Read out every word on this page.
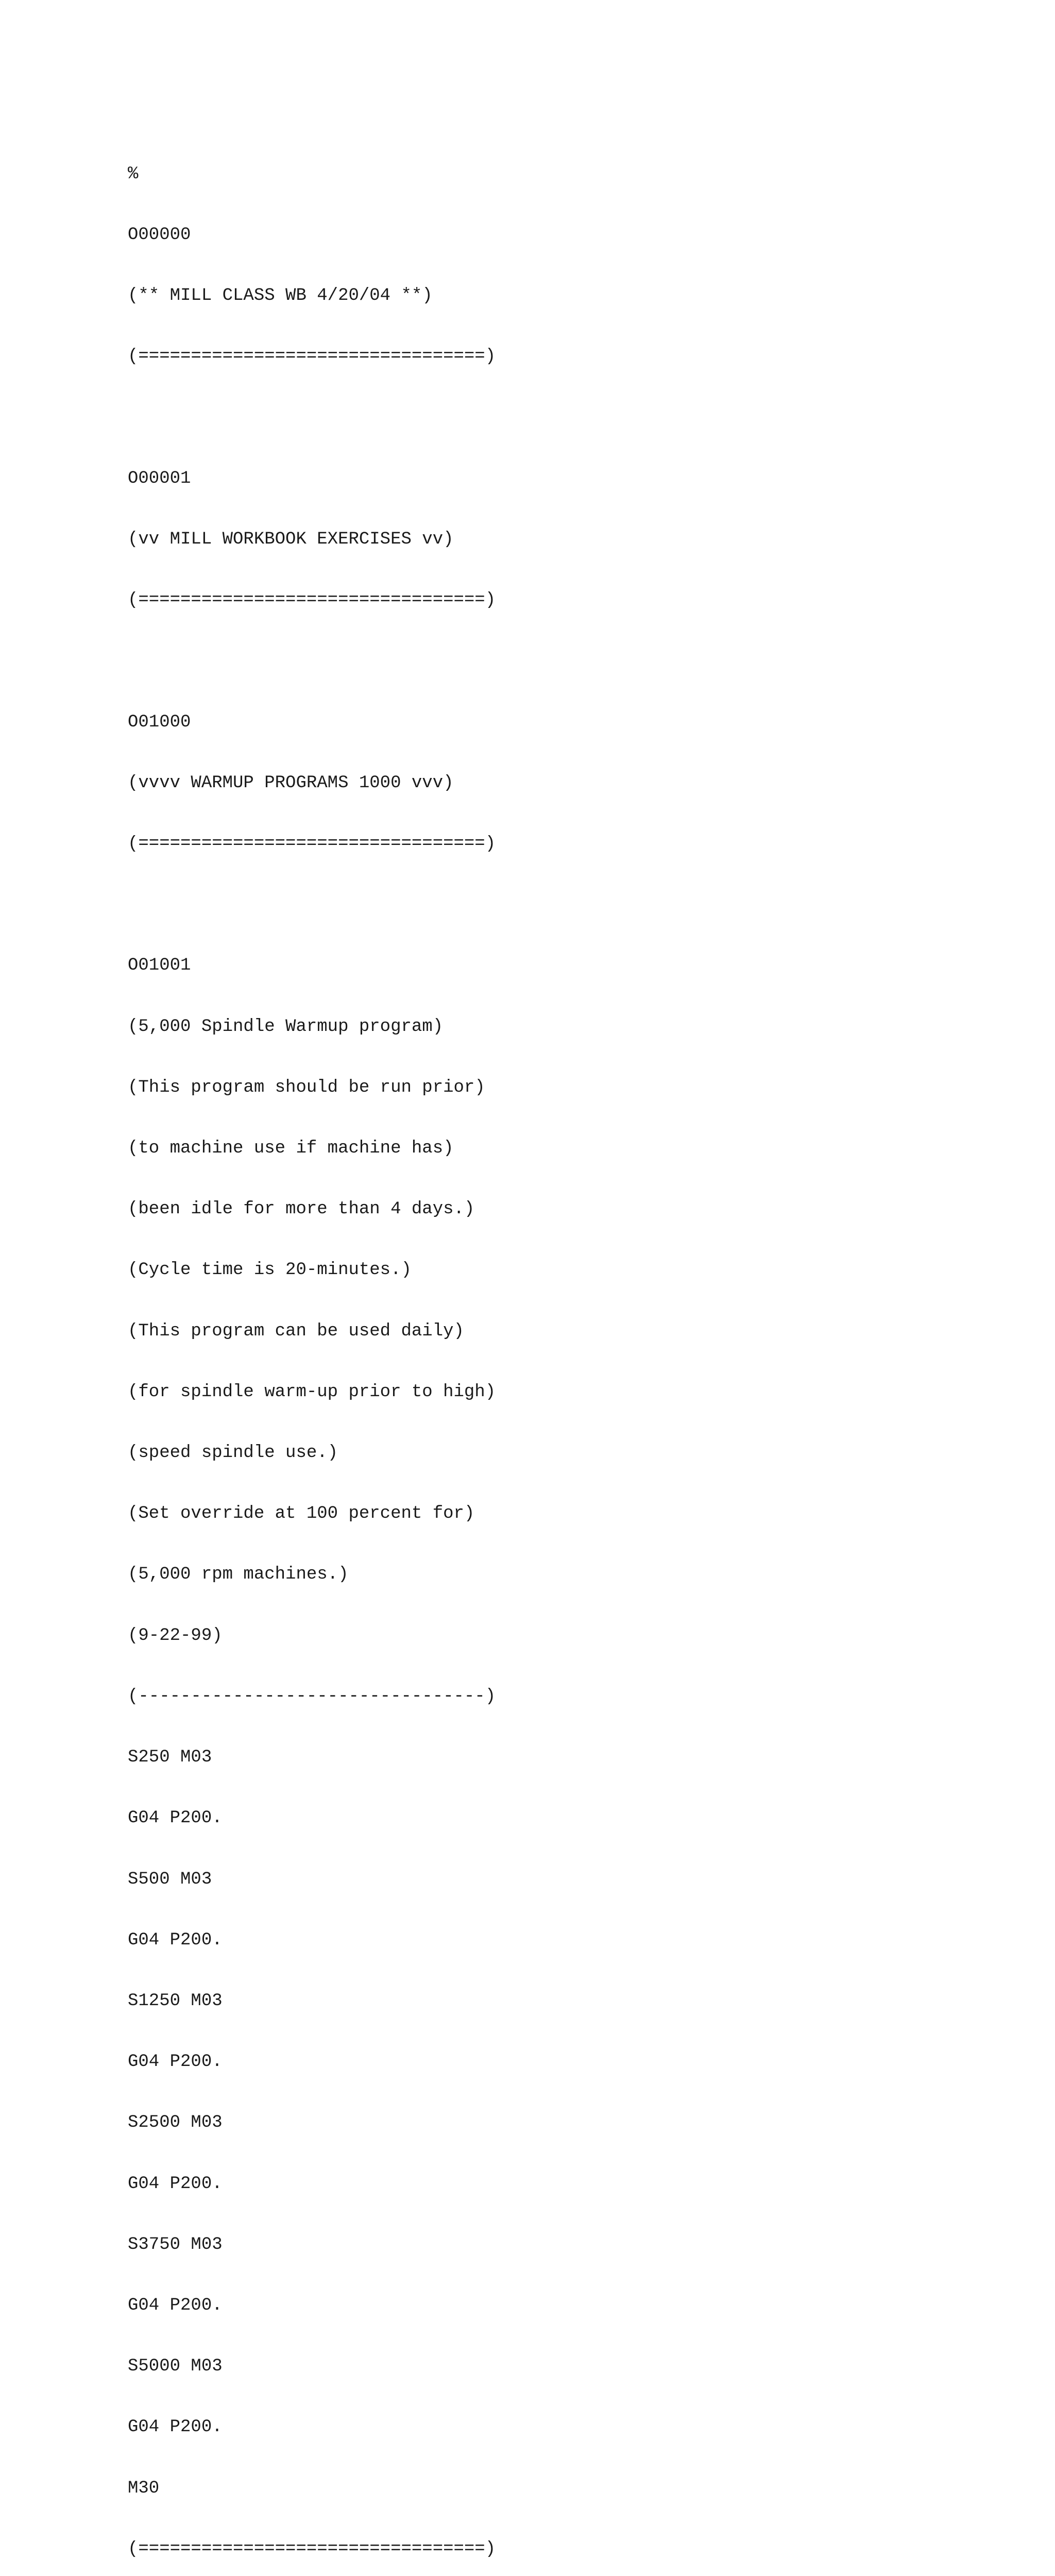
%

O00000

(** MILL CLASS WB 4/20/04 **)

(=================================)

O00001

(vv MILL WORKBOOK EXERCISES vv)

(=================================)

O01000

(vvvv WARMUP PROGRAMS 1000 vvv)

(=================================)

O01001

(5,000 Spindle Warmup program)

(This program should be run prior)

(to machine use if machine has)

(been idle for more than 4 days.)

(Cycle time is 20-minutes.)

(This program can be used daily)

(for spindle warm-up prior to high)

(speed spindle use.)

(Set override at 100 percent for)

(5,000 rpm machines.)

(9-22-99)

(---------------------------------)

S250 M03

G04 P200.

S500 M03

G04 P200.

S1250 M03

G04 P200.

S2500 M03

G04 P200.

S3750 M03

G04 P200.

S5000 M03

G04 P200.

M30

(=================================)
